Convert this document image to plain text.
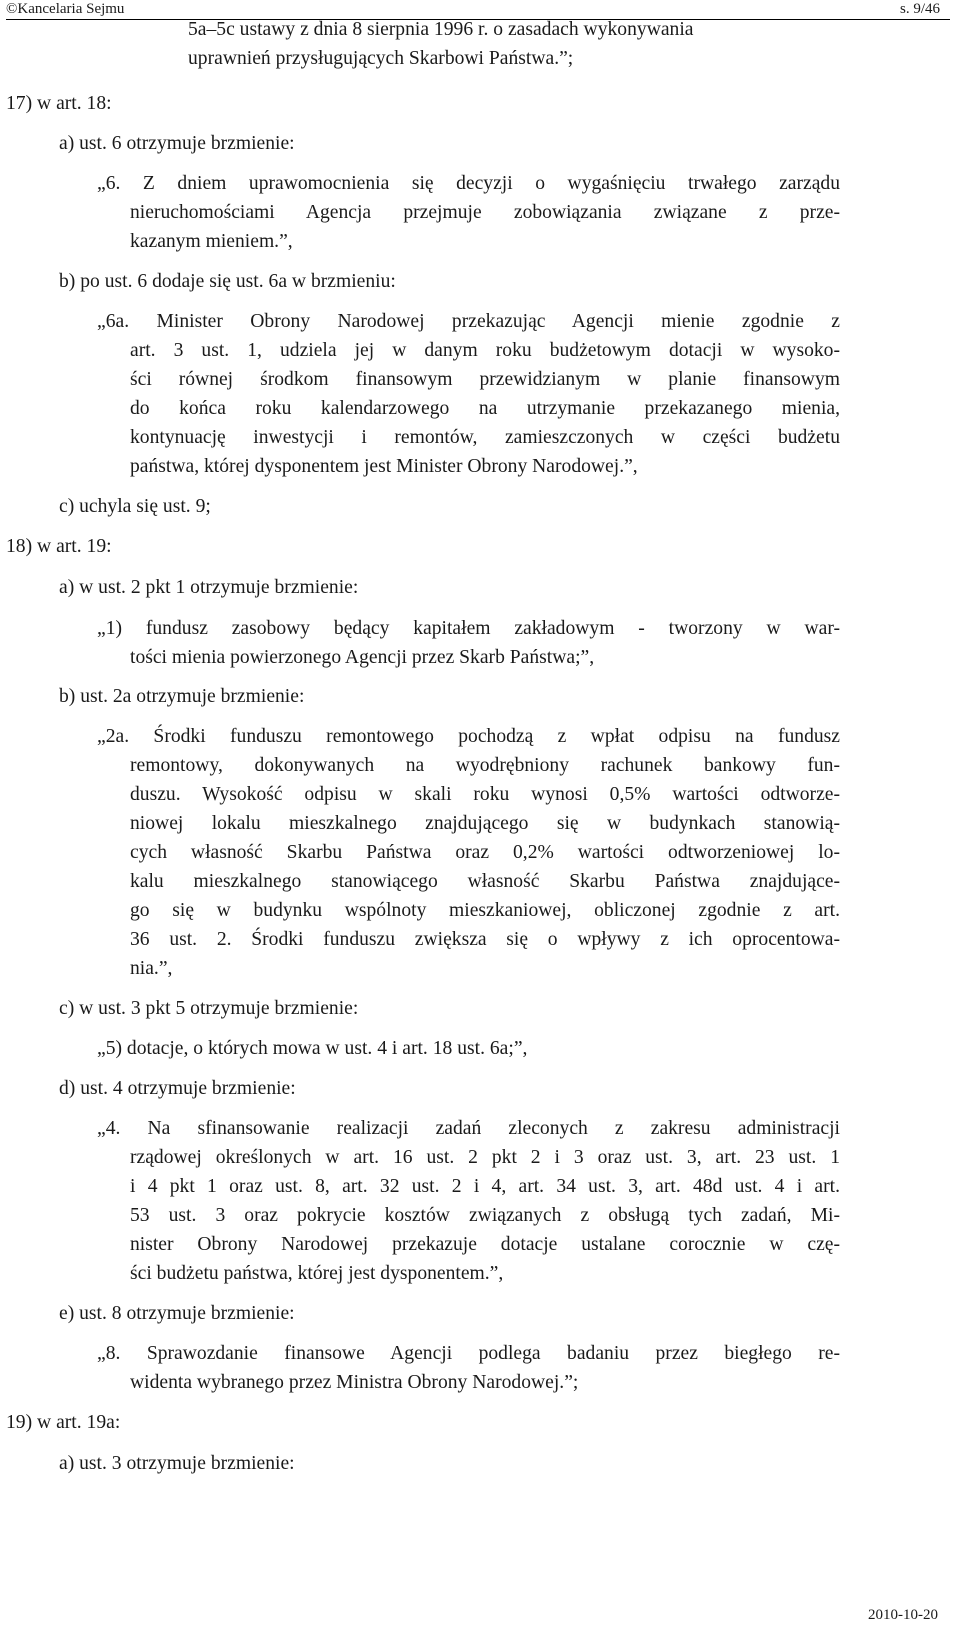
©Kancelaria Sejmu	s. 9/46
5a–5c ustawy z dnia 8 sierpnia 1996 r. o zasadach wykonywania
uprawnień przysługujących Skarbowi Państwa.”;
17) w art. 18:
a) ust. 6 otrzymuje brzmienie:
„6. Z dniem uprawomocnienia się decyzji o wygaśnięciu trwałego zarządu
nieruchomościami Agencja przejmuje zobowiązania związane z prze-
kazanym mieniem.”,
b) po ust. 6 dodaje się ust. 6a w brzmieniu:
„6a. Minister Obrony Narodowej przekazując Agencji mienie zgodnie z
art. 3 ust. 1, udziela jej w danym roku budżetowym dotacji w wysoko-
ści równej środkom finansowym przewidzianym w planie finansowym
do końca roku kalendarzowego na utrzymanie przekazanego mienia,
kontynuację inwestycji i remontów, zamieszczonych w części budżetu
państwa, której dysponentem jest Minister Obrony Narodowej.”,
c) uchyla się ust. 9;
18) w art. 19:
a) w ust. 2 pkt 1 otrzymuje brzmienie:
„1) fundusz zasobowy będący kapitałem zakładowym - tworzony w war-
tości mienia powierzonego Agencji przez Skarb Państwa;”,
b) ust. 2a otrzymuje brzmienie:
„2a. Środki funduszu remontowego pochodzą z wpłat odpisu na fundusz
remontowy, dokonywanych na wyodrębniony rachunek bankowy fun-
duszu. Wysokość odpisu w skali roku wynosi 0,5% wartości odtworze-
niowej lokalu mieszkalnego znajdującego się w budynkach stanowią-
cych własność Skarbu Państwa oraz 0,2% wartości odtworzeniowej lo-
kalu mieszkalnego stanowiącego własność Skarbu Państwa znajdujące-
go się w budynku wspólnoty mieszkaniowej, obliczonej zgodnie z art.
36 ust. 2. Środki funduszu zwiększa się o wpływy z ich oprocentowa-
nia.”,
c) w ust. 3 pkt 5 otrzymuje brzmienie:
„5) dotacje, o których mowa w ust. 4 i art. 18 ust. 6a;”,
d) ust. 4 otrzymuje brzmienie:
„4. Na sfinansowanie realizacji zadań zleconych z zakresu administracji
rządowej określonych w art. 16 ust. 2 pkt 2 i 3 oraz ust. 3, art. 23 ust. 1
i 4 pkt 1 oraz ust. 8, art. 32 ust. 2 i 4, art. 34 ust. 3, art. 48d ust. 4 i art.
53 ust. 3 oraz pokrycie kosztów związanych z obsługą tych zadań, Mi-
nister Obrony Narodowej przekazuje dotacje ustalane corocznie w czę-
ści budżetu państwa, której jest dysponentem.”,
e) ust. 8 otrzymuje brzmienie:
„8. Sprawozdanie finansowe Agencji podlega badaniu przez biegłego re-
widenta wybranego przez Ministra Obrony Narodowej.”;
19) w art. 19a:
a) ust. 3 otrzymuje brzmienie:
2010-10-20
